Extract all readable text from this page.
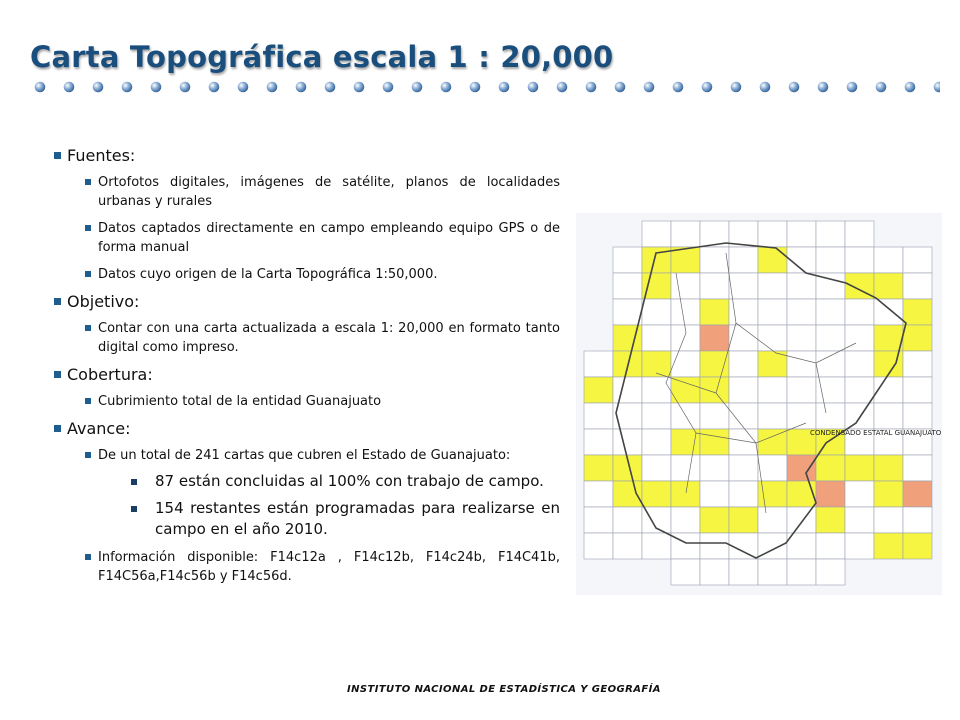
Carta Topográfica escala 1 : 20,000
Fuentes:
Ortofotos digitales, imágenes de satélite, planos de localidades urbanas y rurales
Datos captados directamente en campo empleando equipo GPS o de forma manual
Datos cuyo origen de la Carta Topográfica 1:50,000.
Objetivo:
Contar con una carta actualizada a escala 1: 20,000 en formato tanto digital como impreso.
Cobertura:
Cubrimiento total de la entidad Guanajuato
Avance:
De un total de 241 cartas que cubren el Estado de Guanajuato:
87 están concluidas al 100% con trabajo de campo.
154 restantes están programadas para realizarse en campo en el año 2010.
Información disponible: F14c12a , F14c12b, F14c24b, F14C41b, F14C56a,F14c56b y F14c56d.
CONDENSADO ESTATAL GUANAJUATO
INSTITUTO NACIONAL DE ESTADÍSTICA Y GEOGRAFÍA
